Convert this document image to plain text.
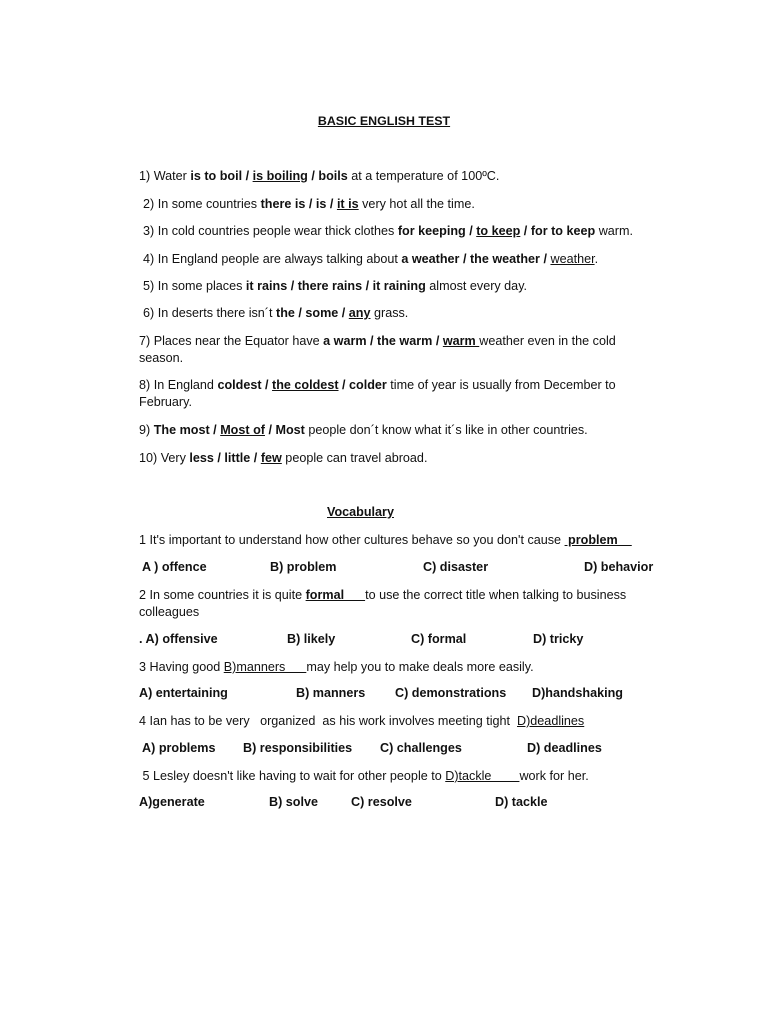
BASIC ENGLISH TEST
1) Water is to boil / is boiling / boils at a temperature of 100ºC.
2) In some countries there is / is / it is very hot all the time.
3) In cold countries people wear thick clothes for keeping / to keep / for to keep warm.
4) In England people are always talking about a weather / the weather / weather.
5) In some places it rains / there rains / it raining almost every day.
6) In deserts there isn´t the / some / any grass.
7) Places near the Equator have a warm / the warm / warm weather even in the cold season.
8) In England coldest / the coldest / colder time of year is usually from December to February.
9) The most / Most of / Most people don´t know what it´s like in other countries.
10) Very less / little / few people can travel abroad.
Vocabulary
1 It's important to understand how other cultures behave so you don't cause  problem
A ) offence	B) problem	C) disaster	D) behavior
2 In some countries it is quite formal      to use the correct title when talking to business colleagues
. A) offensive	B) likely	C) formal	D) tricky
3 Having good B)manners      may help you to make deals more easily.
A) entertaining	B) manners C) demonstrations D)handshaking
4 Ian has to be very   organized  as his work involves meeting tight  D)deadlines
A) problems B) responsibilities C) challenges	D) deadlines
5 Lesley doesn't like having to wait for other people to D)tackle        work for her.
A)generate	B) solve	C) resolve	D) tackle
